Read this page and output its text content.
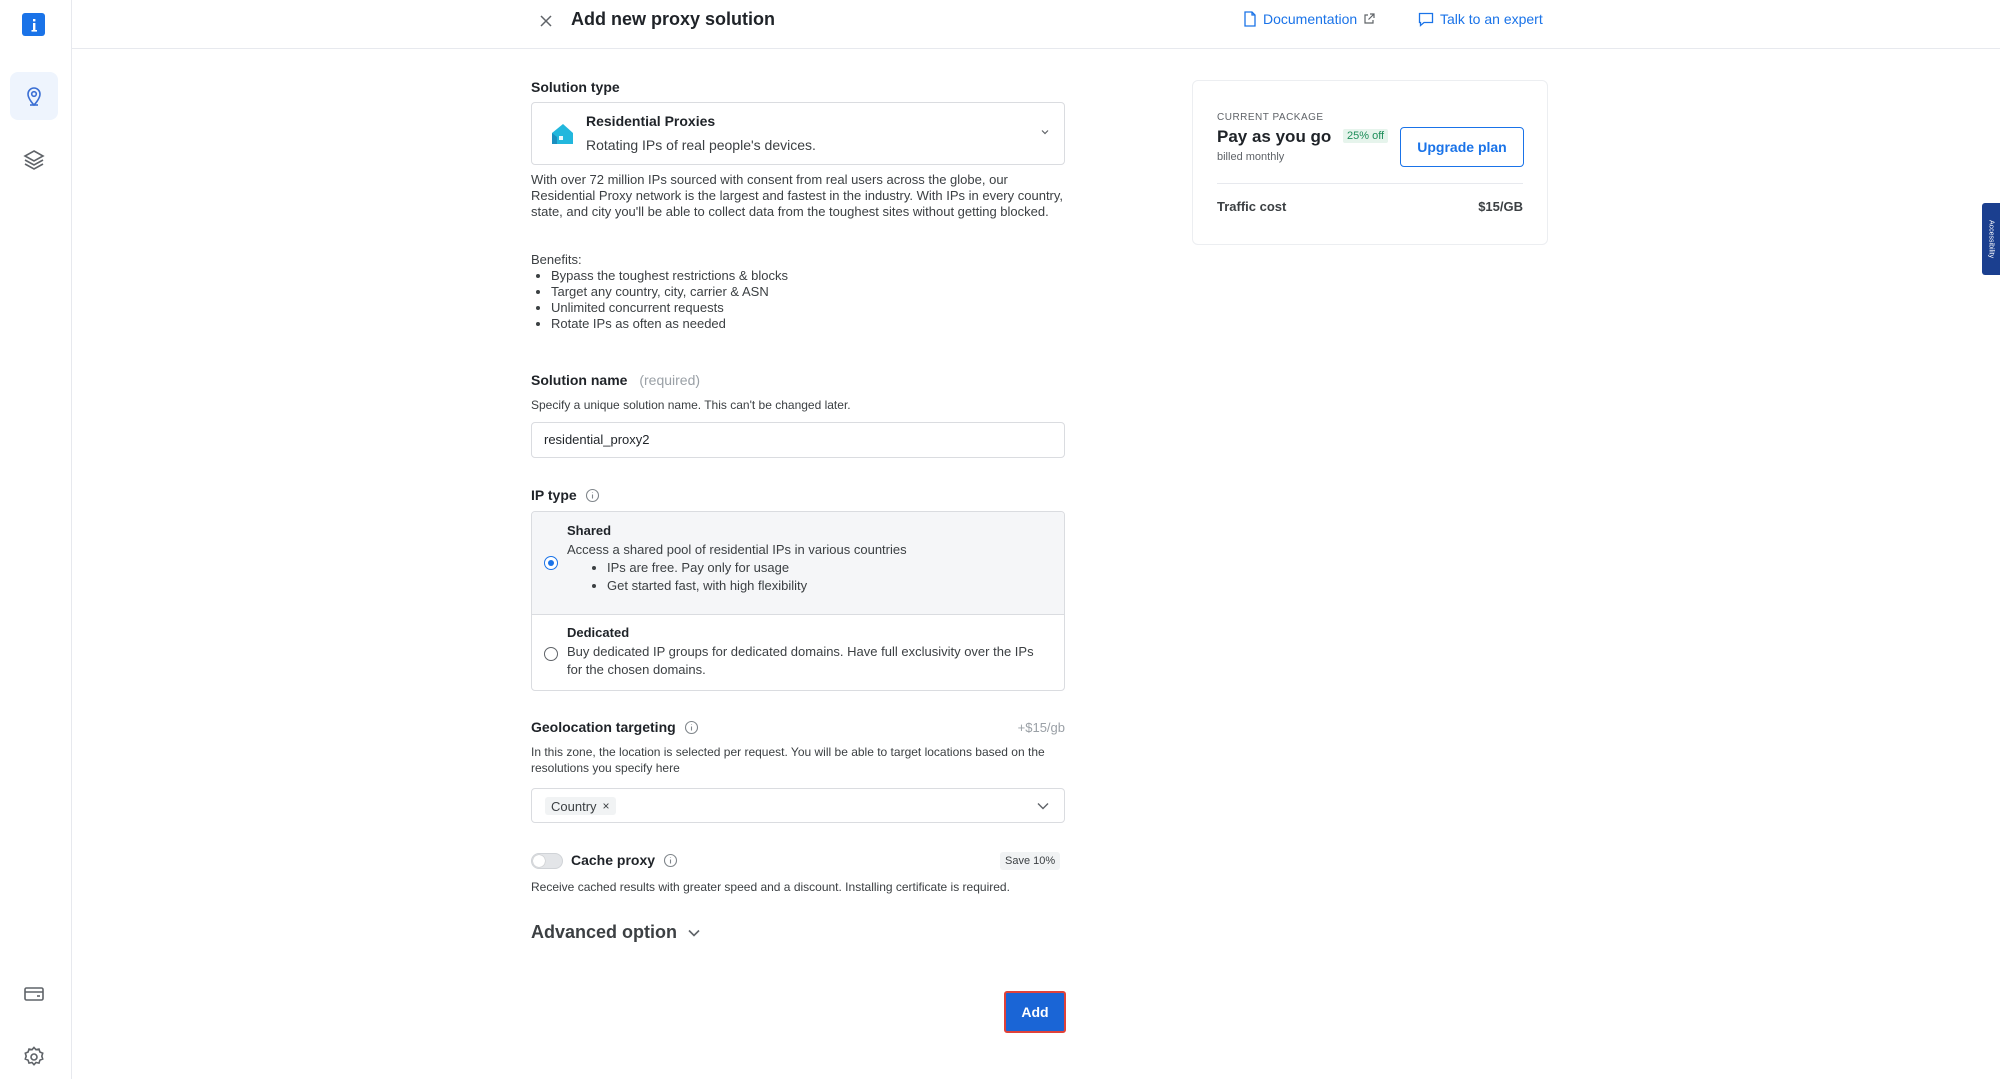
Add new proxy solution	Documentation	Talk to an expert
Solution type
Residential Proxies
Rotating IPs of real people's devices.
With over 72 million IPs sourced with consent from real users across the globe, our Residential Proxy network is the largest and fastest in the industry. With IPs in every country, state, and city you'll be able to collect data from the toughest sites without getting blocked.
Benefits:
• Bypass the toughest restrictions & blocks
• Target any country, city, carrier & ASN
• Unlimited concurrent requests
• Rotate IPs as often as needed
Solution name (required)
Specify a unique solution name. This can't be changed later.
residential_proxy2
IP type
Shared
Access a shared pool of residential IPs in various countries
• IPs are free. Pay only for usage
• Get started fast, with high flexibility
Dedicated
Buy dedicated IP groups for dedicated domains. Have full exclusivity over the IPs for the chosen domains.
Geolocation targeting	+$15/gb
In this zone, the location is selected per request. You will be able to target locations based on the resolutions you specify here
Country ×
Cache proxy	Save 10%
Receive cached results with greater speed and a discount. Installing certificate is required.
Advanced option
Add
CURRENT PACKAGE
Pay as you go	25% off
billed monthly
Upgrade plan
Traffic cost	$15/GB
Accessibility
